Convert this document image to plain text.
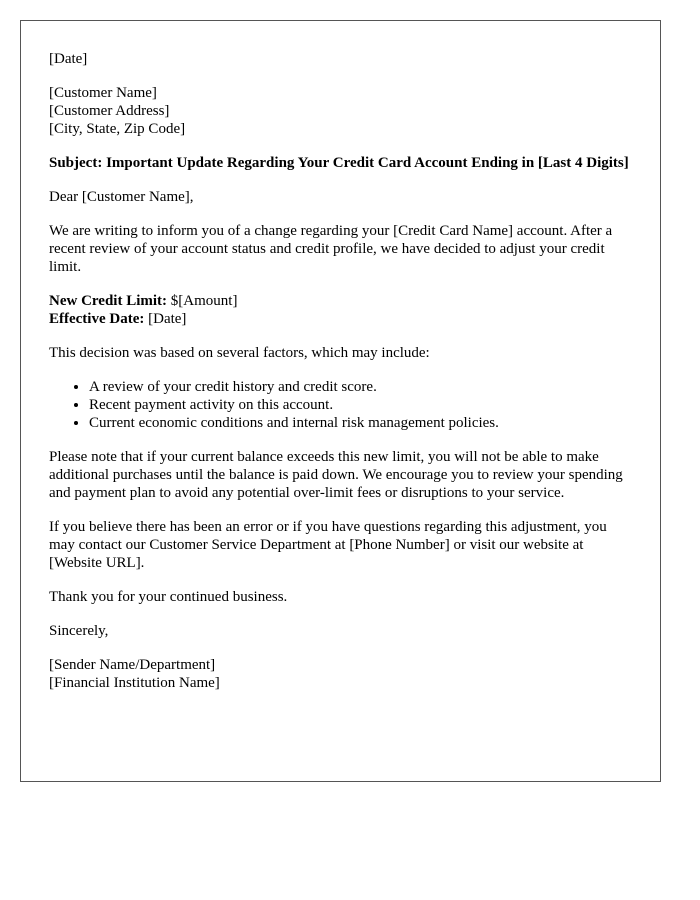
[Date]

[Customer Name]
[Customer Address]
[City, State, Zip Code]

Subject: Important Update Regarding Your Credit Card Account Ending in [Last 4 Digits]

Dear [Customer Name],

We are writing to inform you of a change regarding your [Credit Card Name] account. After a recent review of your account status and credit profile, we have decided to adjust your credit limit.

New Credit Limit: $[Amount]
Effective Date: [Date]

This decision was based on several factors, which may include:

• A review of your credit history and credit score.
• Recent payment activity on this account.
• Current economic conditions and internal risk management policies.

Please note that if your current balance exceeds this new limit, you will not be able to make additional purchases until the balance is paid down. We encourage you to review your spending and payment plan to avoid any potential over-limit fees or disruptions to your service.

If you believe there has been an error or if you have questions regarding this adjustment, you may contact our Customer Service Department at [Phone Number] or visit our website at [Website URL].

Thank you for your continued business.

Sincerely,

[Sender Name/Department]
[Financial Institution Name]
